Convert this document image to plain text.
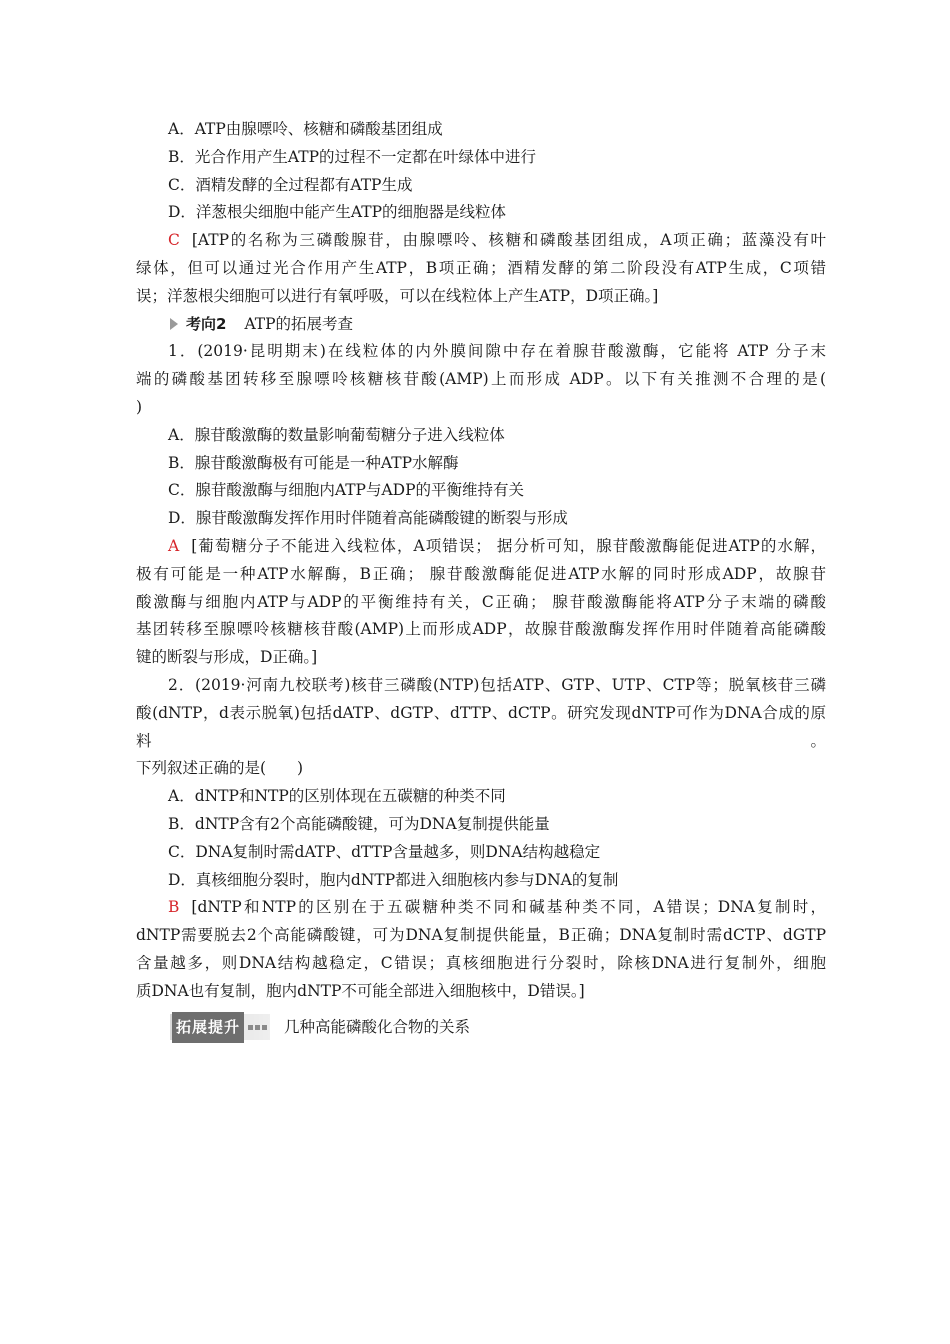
A．ATP由腺嘌呤、核糖和磷酸基团组成

B．光合作用产生ATP的过程不一定都在叶绿体中进行

C．酒精发酵的全过程都有ATP生成

D．洋葱根尖细胞中能产生ATP的细胞器是线粒体

C [ATP的名称为三磷酸腺苷，由腺嘌呤、核糖和磷酸基团组成，A项正确；蓝藻没有叶

绿体，但可以通过光合作用产生ATP，B项正确；酒精发酵的第二阶段没有ATP生成，C项错

误；洋葱根尖细胞可以进行有氧呼吸，可以在线粒体上产生ATP，D项正确。]

考向2 ATP的拓展考查

1．(2019·昆明期末)在线粒体的内外膜间隙中存在着腺苷酸激酶，它能将 ATP 分子末

端的磷酸基团转移至腺嘌呤核糖核苷酸(AMP)上而形成 ADP。以下有关推测不合理的是(

)

A．腺苷酸激酶的数量影响葡萄糖分子进入线粒体

B．腺苷酸激酶极有可能是一种ATP水解酶

C．腺苷酸激酶与细胞内ATP与ADP的平衡维持有关

D．腺苷酸激酶发挥作用时伴随着高能磷酸键的断裂与形成

A [葡萄糖分子不能进入线粒体，A项错误； 据分析可知，腺苷酸激酶能促进ATP的水解，

极有可能是一种ATP水解酶，B正确； 腺苷酸激酶能促进ATP水解的同时形成ADP，故腺苷

酸激酶与细胞内ATP与ADP的平衡维持有关，C正确； 腺苷酸激酶能将ATP分子末端的磷酸

基团转移至腺嘌呤核糖核苷酸(AMP)上而形成ADP，故腺苷酸激酶发挥作用时伴随着高能磷酸

键的断裂与形成，D正确。]

2．(2019·河南九校联考)核苷三磷酸(NTP)包括ATP、GTP、UTP、CTP等；脱氧核苷三磷

酸(dNTP，d表示脱氧)包括dATP、dGTP、dTTP、dCTP。研究发现dNTP可作为DNA合成的原料。

下列叙述正确的是(　　)

A．dNTP和NTP的区别体现在五碳糖的种类不同

B．dNTP含有2个高能磷酸键，可为DNA复制提供能量

C．DNA复制时需dATP、dTTP含量越多，则DNA结构越稳定

D．真核细胞分裂时，胞内dNTP都进入细胞核内参与DNA的复制

B [dNTP和NTP的区别在于五碳糖种类不同和碱基种类不同，A错误；DNA复制时，

dNTP需要脱去2个高能磷酸键，可为DNA复制提供能量，B正确；DNA复制时需dCTP、dGTP

含量越多，则DNA结构越稳定，C错误；真核细胞进行分裂时，除核DNA进行复制外，细胞

质DNA也有复制，胞内dNTP不可能全部进入细胞核中，D错误。]

拓展提升	几种高能磷酸化合物的关系
